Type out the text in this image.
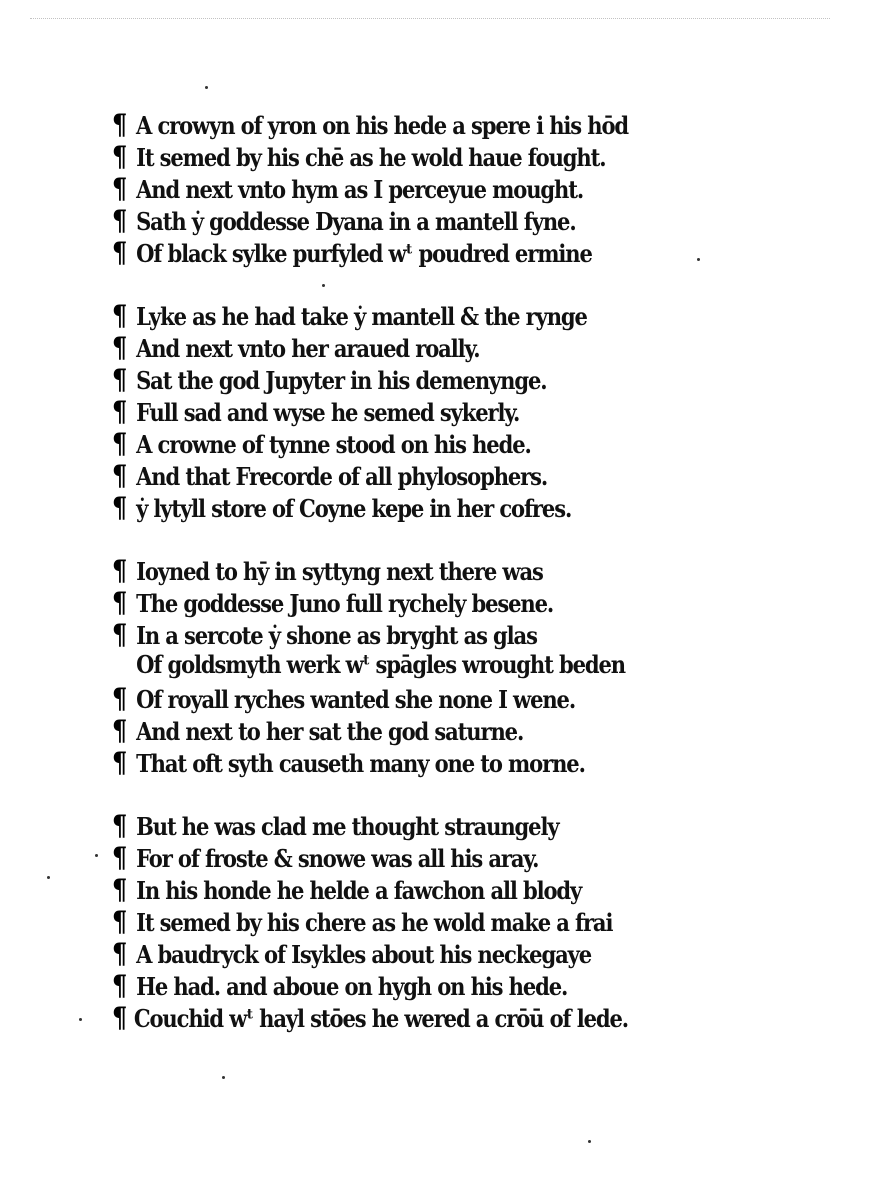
¶ A crowyn of yron on his hede a spere i his hōd
¶ It semed by his chē as he wold haue fought.
¶ And next vnto hym as I perceyue mought.
¶ Sath ẏ goddesse Dyana in a mantell fyne.
¶ Of black sylke purfyled wᵗ poudred ermine
¶ Lyke as he had take ẏ mantell & the rynge
¶ And next vnto her araued roally.
¶ Sat the god Jupyter in his demenynge.
¶ Full sad and wyse he semed sykerly.
¶ A crowne of tynne stood on his hede.
¶ And that Frecorde of all phylosophers.
¶ ẏ lytyll store of Coyne kepe in her cofres.
¶ Ioyned to hȳ in syttyng next there was
¶ The goddesse Juno full rychely besene.
¶ In a sercote ẏ shone as bryght as glas
Of goldsmyth werk wᵗ spāgles wrought beden
¶ Of royall ryches wanted she none I wene.
¶ And next to her sat the god saturne.
¶ That oft syth causeth many one to morne.
¶ But he was clad me thought straungely
¶ For of froste & snowe was all his aray.
¶ In his honde he helde a fawchon all blody
¶ It semed by his chere as he wold make a frai
¶ A baudryck of Isykles about his neckegaye
¶ He had. and aboue on hygh on his hede.
¶ Couchid wᵗ hayl stōes he wered a crōū of lede.
